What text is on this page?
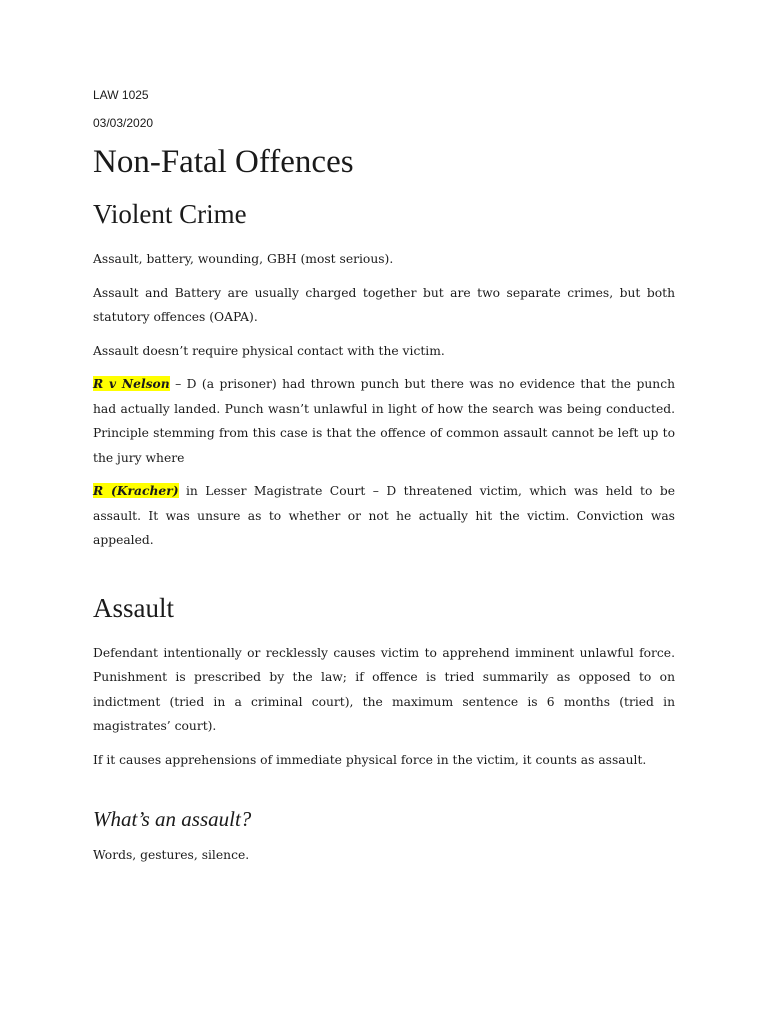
LAW 1025
03/03/2020
Non-Fatal Offences
Violent Crime

Assault, battery, wounding, GBH (most serious).

Assault and Battery are usually charged together but are two separate crimes, but both statutory offences (OAPA).

Assault doesn’t require physical contact with the victim.

R v Nelson – D (a prisoner) had thrown punch but there was no evidence that the punch had actually landed. Punch wasn’t unlawful in light of how the search was being conducted. Principle stemming from this case is that the offence of common assault cannot be left up to the jury where

R (Kracher) in Lesser Magistrate Court – D threatened victim, which was held to be assault. It was unsure as to whether or not he actually hit the victim. Conviction was appealed.

Assault

Defendant intentionally or recklessly causes victim to apprehend imminent unlawful force. Punishment is prescribed by the law; if offence is tried summarily as opposed to on indictment (tried in a criminal court), the maximum sentence is 6 months (tried in magistrates’ court).

If it causes apprehensions of immediate physical force in the victim, it counts as assault.

What’s an assault?

Words, gestures, silence.
